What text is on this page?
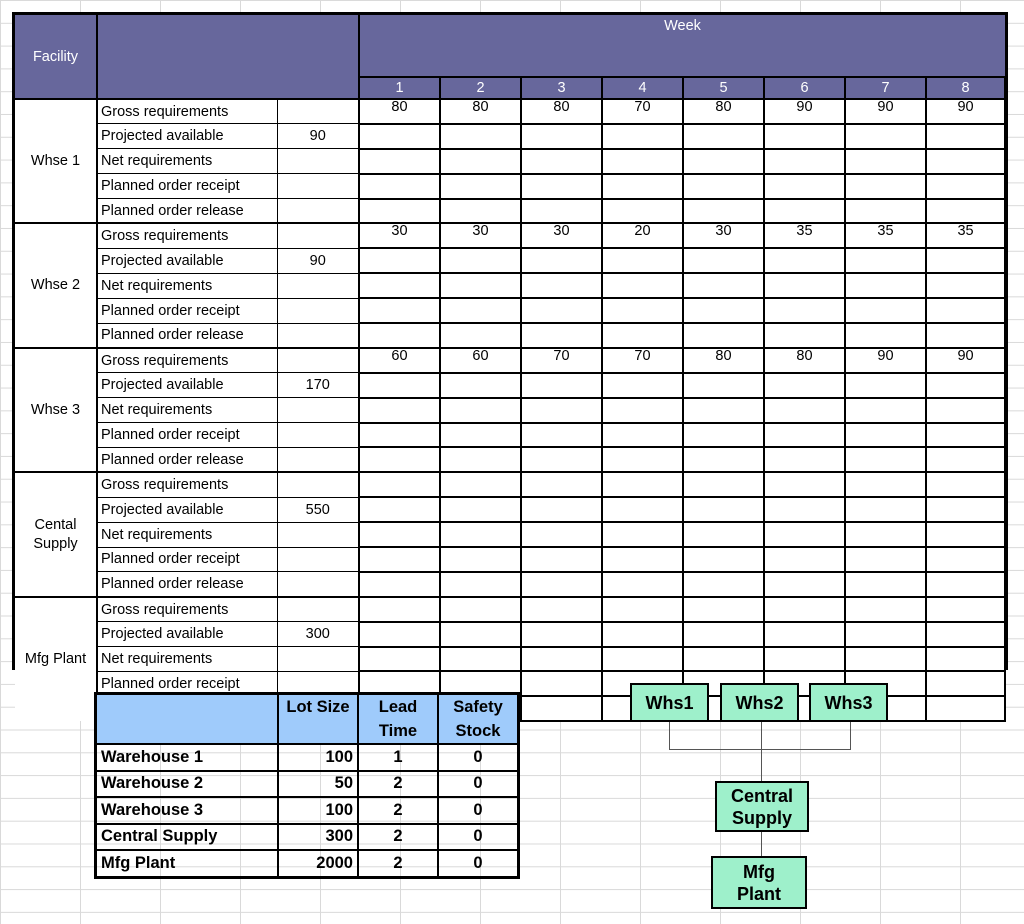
Facility			Week							
			1	2	3	4	5	6	7	8
Whse 1	Gross requirements		80	80	80	70	80	90	90	90
	Projected available	90								
	Net requirements									
	Planned order receipt									
	Planned order release									
Whse 2	Gross requirements		30	30	30	20	30	35	35	35
	Projected available	90								
	Net requirements									
	Planned order receipt									
	Planned order release									
Whse 3	Gross requirements		60	60	70	70	80	80	90	90
	Projected available	170								
	Net requirements									
	Planned order receipt									
	Planned order release									
Cental Supply	Gross requirements									
	Projected available	550								
	Net requirements									
	Planned order receipt									
	Planned order release									
Mfg Plant	Gross requirements									
	Projected available	300								
	Net requirements									
	Planned order receipt									

	Lot Size	Lead Time	Safety Stock

Warehouse 1	100	1	0
Warehouse 2	50	2	0
Warehouse 3	100	2	0
Central Supply	300	2	0
Mfg Plant	2000	2	0
Whs1	Whs2	Whs3
Central
Supply
Mfg
Plant
